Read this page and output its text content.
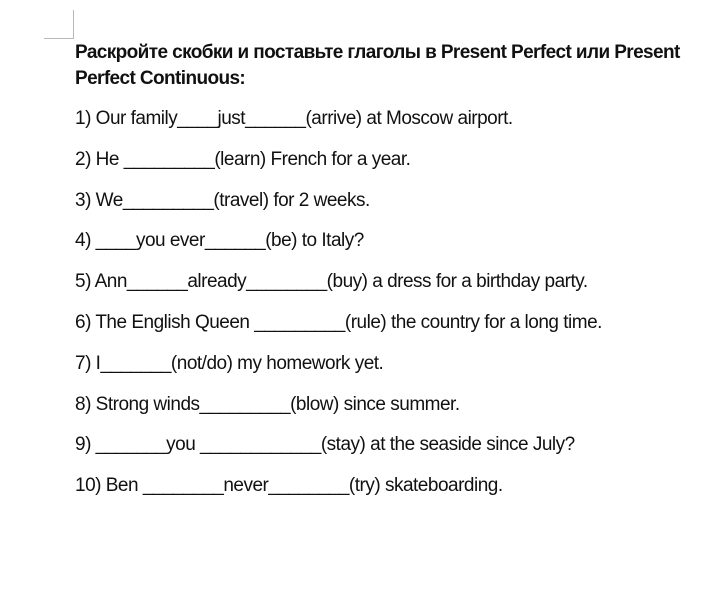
Раскройте скобки и поставьте глаголы в Present Perfect или Present Perfect Continuous:
1) Our family____just______(arrive) at Moscow airport.
2) He _________(learn) French for a year.
3) We_________(travel) for 2 weeks.
4) ____you ever______(be) to Italy?
5) Ann______already________(buy) a dress for a birthday party.
6) The English Queen _________(rule) the country for a long time.
7) I_______(not/do) my homework yet.
8) Strong winds_________(blow) since summer.
9) _______you ____________(stay) at the seaside since July?
10) Ben ________never________(try) skateboarding.
